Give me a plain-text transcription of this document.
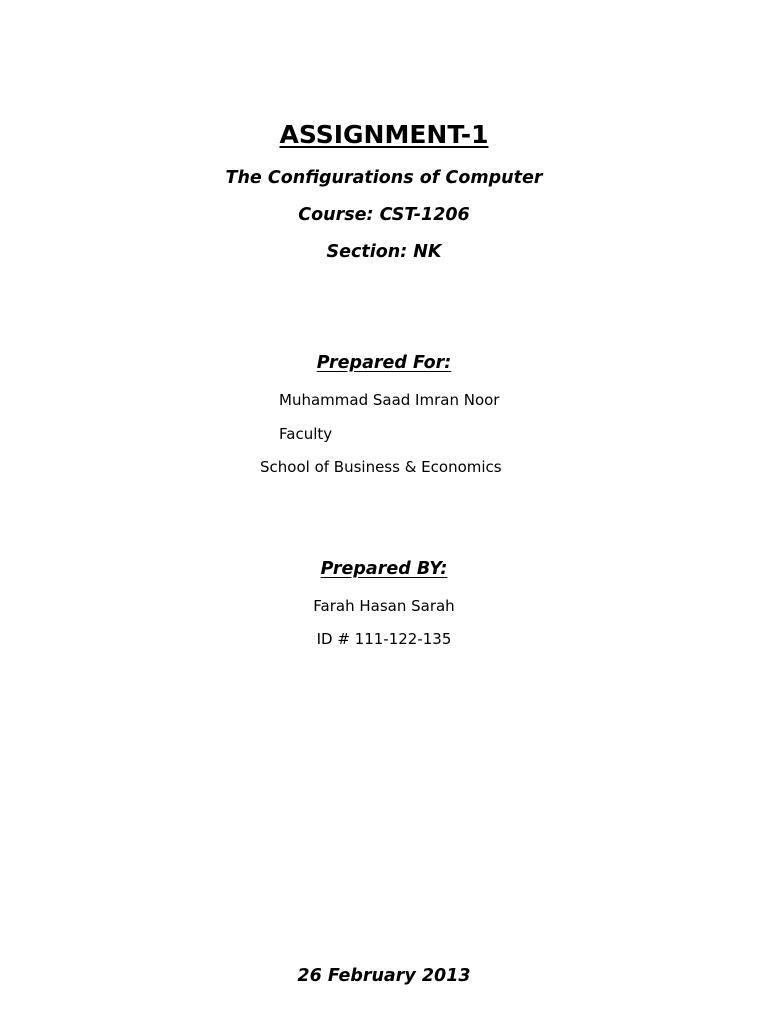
ASSIGNMENT-1
The Configurations of Computer
Course: CST-1206
Section: NK
Prepared For:
Muhammad Saad Imran Noor
Faculty
School of Business & Economics
Prepared BY:
Farah Hasan Sarah
ID # 111-122-135
26 February 2013
